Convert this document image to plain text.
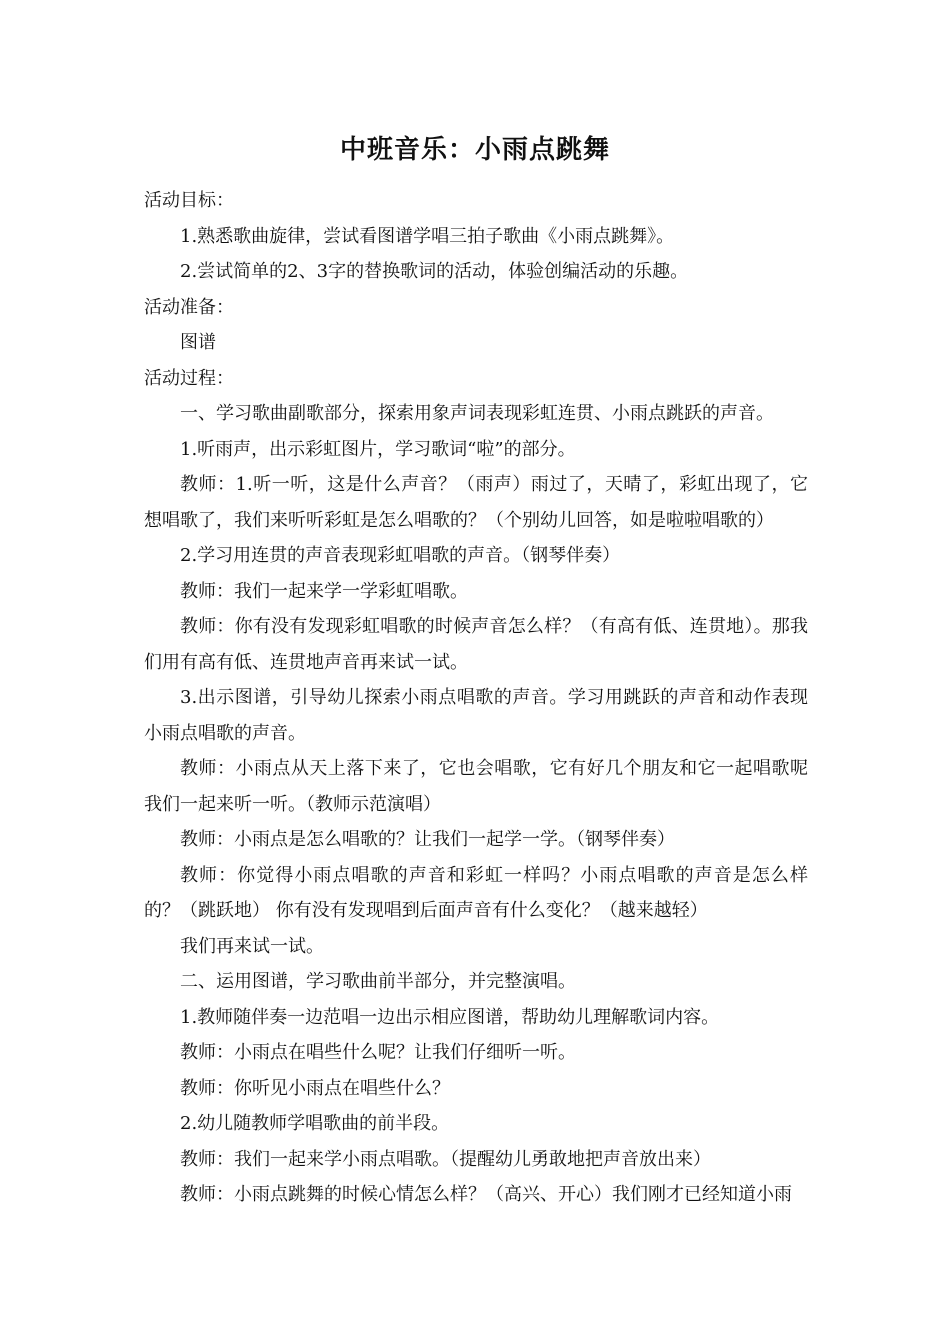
中班音乐：小雨点跳舞

活动目标：

1.熟悉歌曲旋律，尝试看图谱学唱三拍子歌曲《小雨点跳舞》。

2.尝试简单的2、3字的替换歌词的活动，体验创编活动的乐趣。

活动准备：

图谱

活动过程：

一、学习歌曲副歌部分，探索用象声词表现彩虹连贯、小雨点跳跃的声音。

1.听雨声，出示彩虹图片，学习歌词“啦”的部分。

教师：1.听一听，这是什么声音？（雨声）雨过了，天晴了，彩虹出现了，它想唱歌了，我们来听听彩虹是怎么唱歌的？（个别幼儿回答，如是啦啦唱歌的）

2.学习用连贯的声音表现彩虹唱歌的声音。（钢琴伴奏）

教师：我们一起来学一学彩虹唱歌。

教师：你有没有发现彩虹唱歌的时候声音怎么样？（有高有低、连贯地）。那我们用有高有低、连贯地声音再来试一试。

3.出示图谱，引导幼儿探索小雨点唱歌的声音。学习用跳跃的声音和动作表现小雨点唱歌的声音。

教师：小雨点从天上落下来了，它也会唱歌，它有好几个朋友和它一起唱歌呢我们一起来听一听。（教师示范演唱）

教师：小雨点是怎么唱歌的？让我们一起学一学。（钢琴伴奏）

教师：你觉得小雨点唱歌的声音和彩虹一样吗？小雨点唱歌的声音是怎么样的？（跳跃地） 你有没有发现唱到后面声音有什么变化？（越来越轻）

我们再来试一试。

二、运用图谱，学习歌曲前半部分，并完整演唱。

1.教师随伴奏一边范唱一边出示相应图谱，帮助幼儿理解歌词内容。

教师：小雨点在唱些什么呢？让我们仔细听一听。

教师：你听见小雨点在唱些什么？

2.幼儿随教师学唱歌曲的前半段。

教师：我们一起来学小雨点唱歌。（提醒幼儿勇敢地把声音放出来）

教师：小雨点跳舞的时候心情怎么样？（高兴、开心）我们刚才已经知道小雨
